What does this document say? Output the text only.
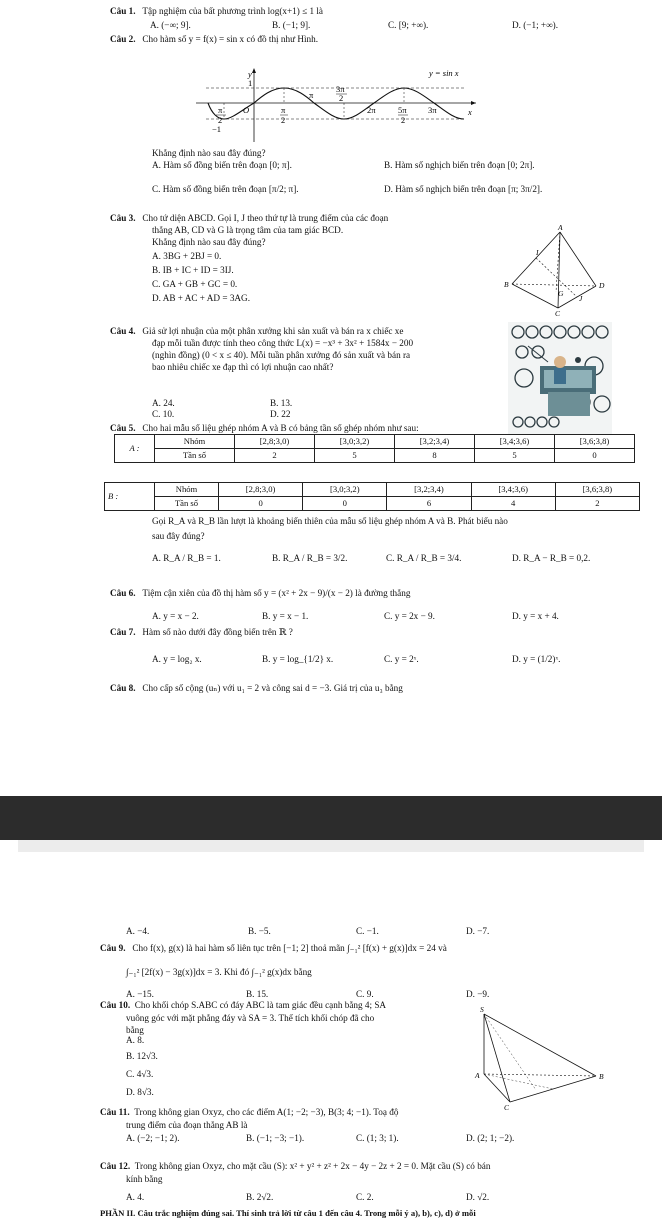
Câu 1. Tập nghiệm của bất phương trình log(x+1) ≤ 1 là
A. (−∞; 9].	B. (−1; 9].	C. [9; +∞).	D. (−1; +∞).
Câu 2. Cho hàm số y = f(x) = sin x có đồ thị như Hình.
y
x
1
−1
O
y = sin x
π
2
π
3π
2
2π	5π
2
3π
π
2
Khẳng định nào sau đây đúng?
A. Hàm số đồng biến trên đoạn [0; π].	B. Hàm số nghịch biến trên đoạn [0; 2π].
C. Hàm số đồng biến trên đoạn [π/2; π].	D. Hàm số nghịch biến trên đoạn [π; 3π/2].
Câu 3. Cho tứ diện ABCD. Gọi I, J theo thứ tự là trung điểm của các đoạn
thẳng AB, CD và G là trọng tâm của tam giác BCD.
Khẳng định nào sau đây đúng?
A. 3BG + 2BJ = 0.
B. IB + IC + ID = 3IJ.
C. GA + GB + GC = 0.
D. AB + AC + AD = 3AG.
A
B
C
D
I
J
G
Câu 4. Giả sử lợi nhuận của một phân xưởng khi sản xuất và bán ra x chiếc xe
đạp mỗi tuần được tính theo công thức L(x) = −x³ + 3x² + 1584x − 200
(nghìn đồng) (0 < x ≤ 40). Mỗi tuần phân xưởng đó sản xuất và bán ra
bao nhiêu chiếc xe đạp thì có lợi nhuận cao nhất?
A. 24.	B. 13.
C. 10.	D. 22
Câu 5. Cho hai mẫu số liệu ghép nhóm A và B có bảng tần số ghép nhóm như sau:
A :	Nhóm	[2,8;3,0)	[3,0;3,2)	[3,2;3,4)	[3,4;3,6)	[3,6;3,8)
	Tần số	2	5	8	5	0
B :	Nhóm	[2,8;3,0)	[3,0;3,2)	[3,2;3,4)	[3,4;3,6)	[3,6;3,8)
	Tần số	0	0	6	4	2
Gọi R_A và R_B lần lượt là khoảng biến thiên của mẫu số liệu ghép nhóm A và B. Phát biểu nào
sau đây đúng?
A. R_A / R_B = 1.	B. R_A / R_B = 3/2.	C. R_A / R_B = 3/4.	D. R_A − R_B = 0,2.
Câu 6. Tiệm cận xiên của đồ thị hàm số y = (x² + 2x − 9)/(x − 2) là đường thẳng
A. y = x − 2.	B. y = x − 1.	C. y = 2x − 9.	D. y = x + 4.
Câu 7. Hàm số nào dưới đây đồng biến trên ℝ ?
A. y = log₂ x.	B. y = log_{1/2} x.	C. y = 2ˣ.	D. y = (1/2)ˣ.
Câu 8. Cho cấp số cộng (uₙ) với u₁ = 2 và công sai d = −3. Giá trị của u₃ bằng
A. −4.	B. −5.	C. −1.	D. −7.
Câu 9. Cho f(x), g(x) là hai hàm số liên tục trên [−1; 2] thoả mãn ∫₋₁² [f(x) + g(x)]dx = 24 và
∫₋₁² [2f(x) − 3g(x)]dx = 3. Khi đó ∫₋₁² g(x)dx bằng
A. −15.	B. 15.	C. 9.	D. −9.
Câu 10. Cho khối chóp S.ABC có đáy ABC là tam giác đều cạnh bằng 4; SA
vuông góc với mặt phẳng đáy và SA = 3. Thể tích khối chóp đã cho
bằng
A. 8.
B. 12√3.
C. 4√3.
D. 8√3.
S
A	B
C
Câu 11. Trong không gian Oxyz, cho các điểm A(1; −2; −3), B(3; 4; −1). Toạ độ
trung điểm của đoạn thẳng AB là
A. (−2; −1; 2).	B. (−1; −3; −1).	C. (1; 3; 1).	D. (2; 1; −2).
Câu 12. Trong không gian Oxyz, cho mặt cầu (S): x² + y² + z² + 2x − 4y − 2z + 2 = 0. Mặt cầu (S) có bán
kính bằng
A. 4.	B. 2√2.	C. 2.	D. √2.
PHẦN II. Câu trắc nghiệm đúng sai. Thí sinh trả lời từ câu 1 đến câu 4. Trong mỗi ý a), b), c), d) ở mỗi
